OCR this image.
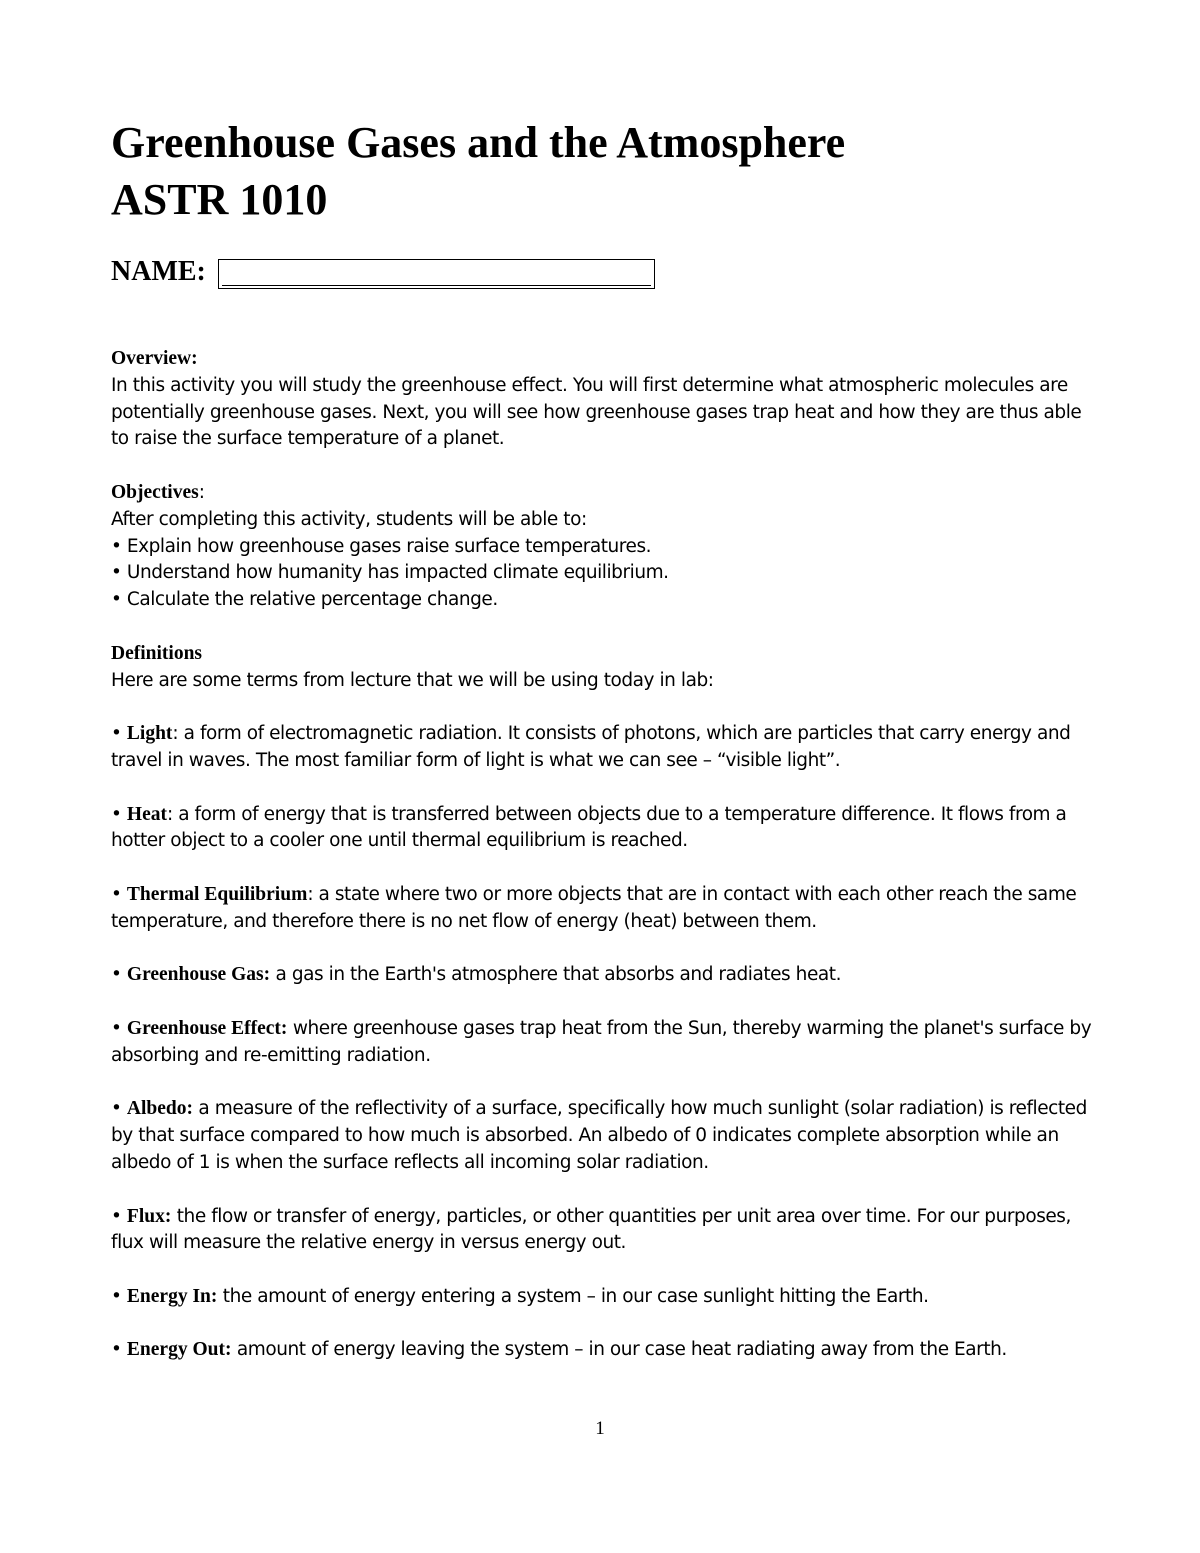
Greenhouse Gases and the Atmosphere
ASTR 1010
NAME:

Overview:

In this activity you will study the greenhouse effect. You will first determine what atmospheric molecules are potentially greenhouse gases. Next, you will see how greenhouse gases trap heat and how they are thus able to raise the surface temperature of a planet.

Objectives:

After completing this activity, students will be able to:

• Explain how greenhouse gases raise surface temperatures.

• Understand how humanity has impacted climate equilibrium.

• Calculate the relative percentage change.

Definitions

Here are some terms from lecture that we will be using today in lab:

• Light: a form of electromagnetic radiation. It consists of photons, which are particles that carry energy and travel in waves. The most familiar form of light is what we can see – “visible light”.

• Heat: a form of energy that is transferred between objects due to a temperature difference. It flows from a hotter object to a cooler one until thermal equilibrium is reached.

• Thermal Equilibrium: a state where two or more objects that are in contact with each other reach the same temperature, and therefore there is no net flow of energy (heat) between them.

• Greenhouse Gas: a gas in the Earth's atmosphere that absorbs and radiates heat.

• Greenhouse Effect: where greenhouse gases trap heat from the Sun, thereby warming the planet's surface by absorbing and re-emitting radiation.

• Albedo: a measure of the reflectivity of a surface, specifically how much sunlight (solar radiation) is reflected by that surface compared to how much is absorbed. An albedo of 0 indicates complete absorption while an albedo of 1 is when the surface reflects all incoming solar radiation.

• Flux: the flow or transfer of energy, particles, or other quantities per unit area over time. For our purposes, flux will measure the relative energy in versus energy out.

• Energy In: the amount of energy entering a system – in our case sunlight hitting the Earth.

• Energy Out: amount of energy leaving the system – in our case heat radiating away from the Earth.

1
